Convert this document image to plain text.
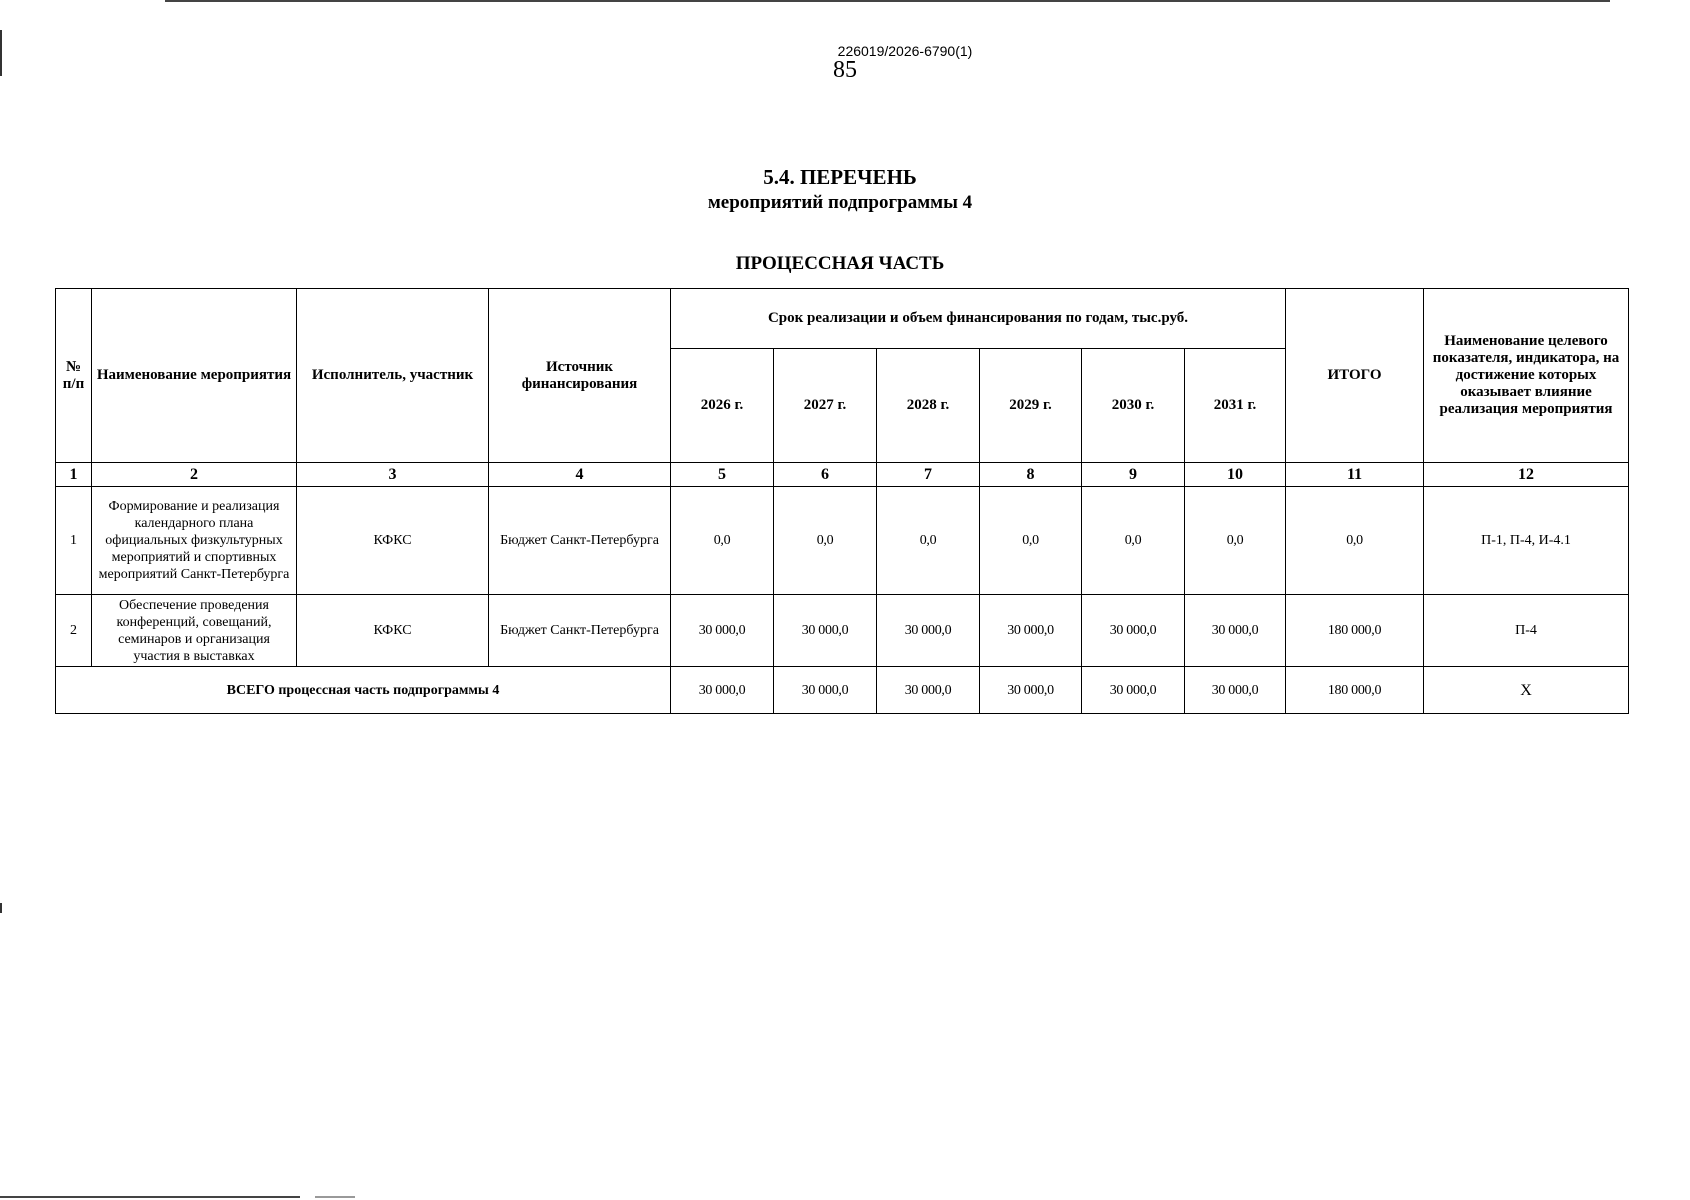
226019/2026-6790(1)
85
5.4. ПЕРЕЧЕНЬ
мероприятий подпрограммы 4
ПРОЦЕССНАЯ ЧАСТЬ
№ п/п	Наименование мероприятия	Исполнитель, участник	Источник финансирования	Срок реализации и объем финансирования по годам, тыс.руб.						ИТОГО	Наименование целевого показателя, индикатора, на достижение которых оказывает влияние реализация мероприятия
				2026 г.	2027 г.	2028 г.	2029 г.	2030 г.	2031 г.		
1	2	3	4	5	6	7	8	9	10	11	12
1	Формирование и реализация календарного плана официальных физкультурных мероприятий и спортивных мероприятий Санкт-Петербурга	КФКС	Бюджет Санкт-Петербурга	0,0	0,0	0,0	0,0	0,0	0,0	0,0	П-1, П-4, И-4.1
2	Обеспечение проведения конференций, совещаний, семинаров и организация участия в выставках	КФКС	Бюджет Санкт-Петербурга	30 000,0	30 000,0	30 000,0	30 000,0	30 000,0	30 000,0	180 000,0	П-4
ВСЕГО процессная часть подпрограммы 4				30 000,0	30 000,0	30 000,0	30 000,0	30 000,0	30 000,0	180 000,0	Х
